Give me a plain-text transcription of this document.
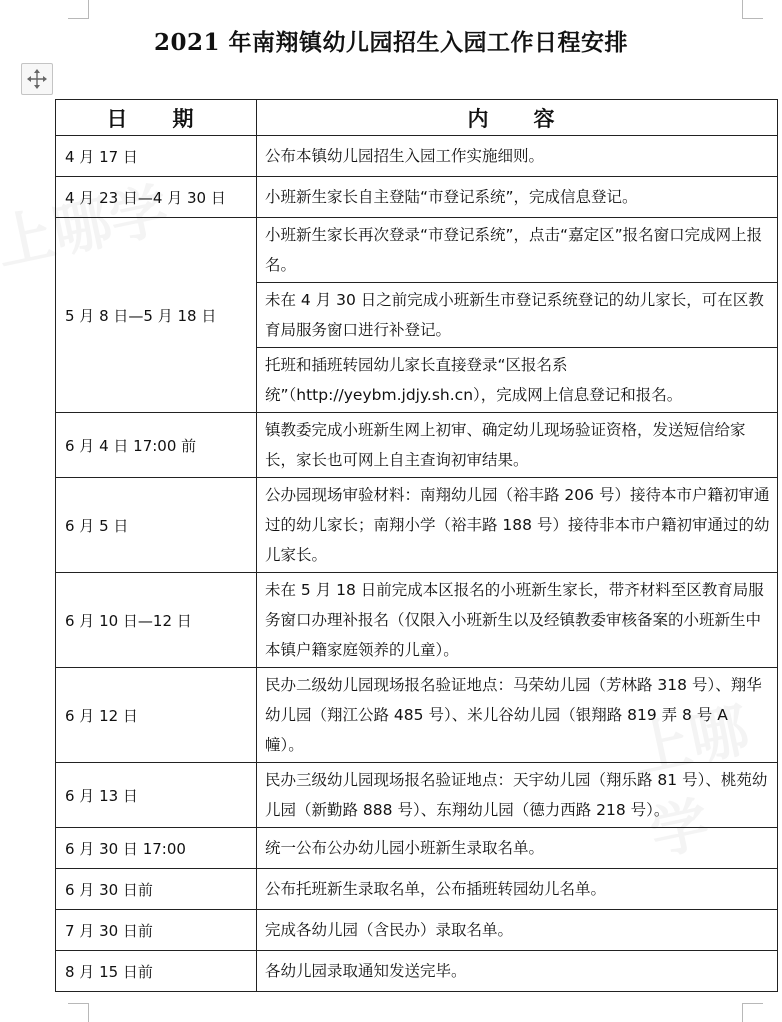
2021 年南翔镇幼儿园招生入园工作日程安排
日　期	内　容
4 月 17 日	公布本镇幼儿园招生入园工作实施细则。
4 月 23 日—4 月 30 日	小班新生家长自主登陆“市登记系统”，完成信息登记。
5 月 8 日—5 月 18 日	小班新生家长再次登录“市登记系统”，点击“嘉定区”报名窗口完成网上报名。
	未在 4 月 30 日之前完成小班新生市登记系统登记的幼儿家长，可在区教育局服务窗口进行补登记。
	托班和插班转园幼儿家长直接登录“区报名系统”（http://yeybm.jdjy.sh.cn），完成网上信息登记和报名。
6 月 4 日 17:00 前	镇教委完成小班新生网上初审、确定幼儿现场验证资格，发送短信给家长，家长也可网上自主查询初审结果。
6 月 5 日	公办园现场审验材料：南翔幼儿园（裕丰路 206 号）接待本市户籍初审通过的幼儿家长；南翔小学（裕丰路 188 号）接待非本市户籍初审通过的幼儿家长。
6 月 10 日—12 日	未在 5 月 18 日前完成本区报名的小班新生家长，带齐材料至区教育局服务窗口办理补报名（仅限入小班新生以及经镇教委审核备案的小班新生中本镇户籍家庭领养的儿童）。
6 月 12 日	民办二级幼儿园现场报名验证地点：马荣幼儿园（芳林路 318 号）、翔华幼儿园（翔江公路 485 号）、米儿谷幼儿园（银翔路 819 弄 8 号 A 幢）。
6 月 13 日	民办三级幼儿园现场报名验证地点：天宇幼儿园（翔乐路 81 号）、桃苑幼儿园（新勤路 888 号）、东翔幼儿园（德力西路 218 号）。
6 月 30 日 17:00	统一公布公办幼儿园小班新生录取名单。
6 月 30 日前	公布托班新生录取名单，公布插班转园幼儿名单。
7 月 30 日前	完成各幼儿园（含民办）录取名单。
8 月 15 日前	各幼儿园录取通知发送完毕。
